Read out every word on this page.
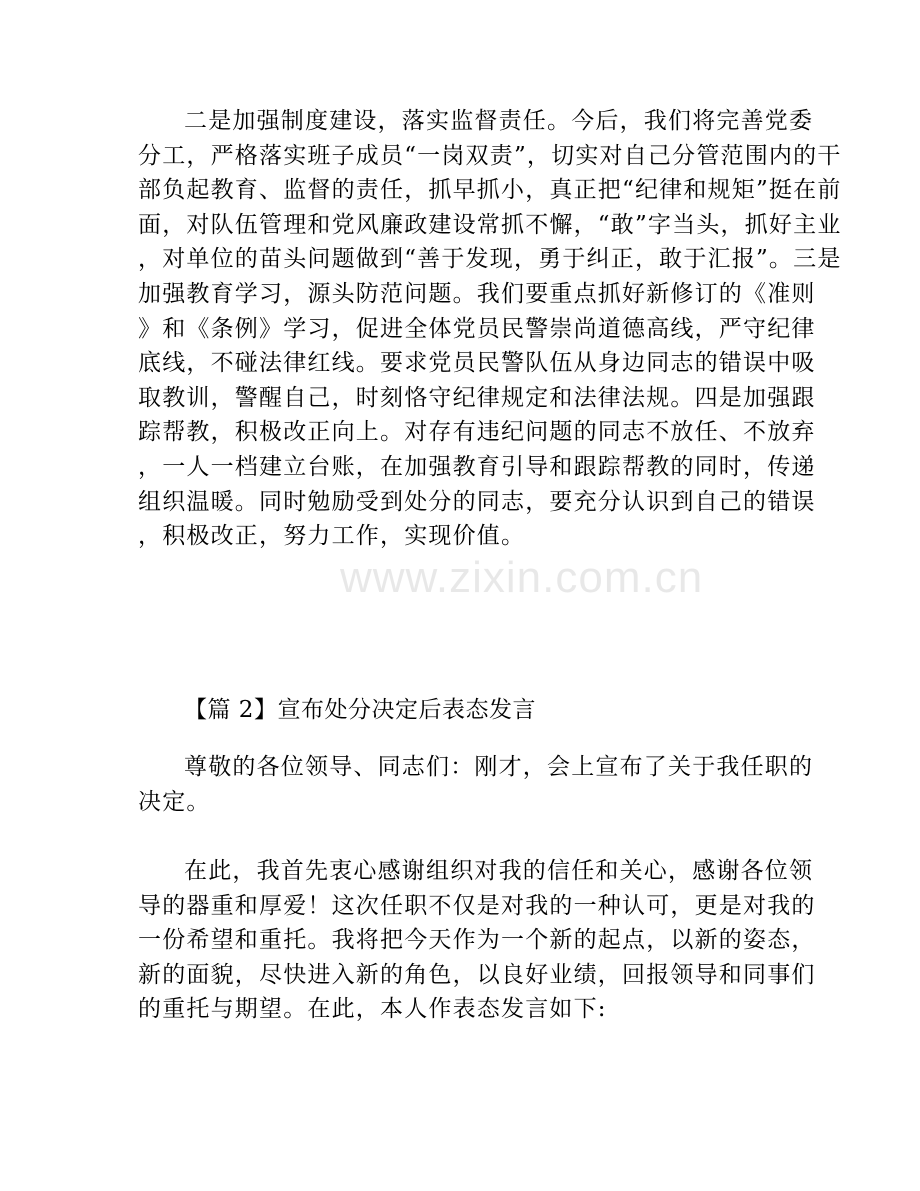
二是加强制度建设，落实监督责任。今后，我们将完善党委
分工，严格落实班子成员“一岗双责”，切实对自己分管范围内的干
部负起教育、监督的责任，抓早抓小，真正把“纪律和规矩”挺在前
面，对队伍管理和党风廉政建设常抓不懈，“敢”字当头，抓好主业
，对单位的苗头问题做到“善于发现，勇于纠正，敢于汇报”。三是
加强教育学习，源头防范问题。我们要重点抓好新修订的《准则
》和《条例》学习，促进全体党员民警崇尚道德高线，严守纪律
底线，不碰法律红线。要求党员民警队伍从身边同志的错误中吸
取教训，警醒自己，时刻恪守纪律规定和法律法规。四是加强跟
踪帮教，积极改正向上。对存有违纪问题的同志不放任、不放弃
，一人一档建立台账，在加强教育引导和跟踪帮教的同时，传递
组织温暖。同时勉励受到处分的同志，要充分认识到自己的错误
，积极改正，努力工作，实现价值。
【篇 2】宣布处分决定后表态发言
尊敬的各位领导、同志们：刚才，会上宣布了关于我任职的
决定。
在此，我首先衷心感谢组织对我的信任和关心，感谢各位领
导的器重和厚爱！这次任职不仅是对我的一种认可，更是对我的
一份希望和重托。我将把今天作为一个新的起点，以新的姿态，
新的面貌，尽快进入新的角色，以良好业绩，回报领导和同事们
的重托与期望。在此，本人作表态发言如下:
www.zixin.com.cn
